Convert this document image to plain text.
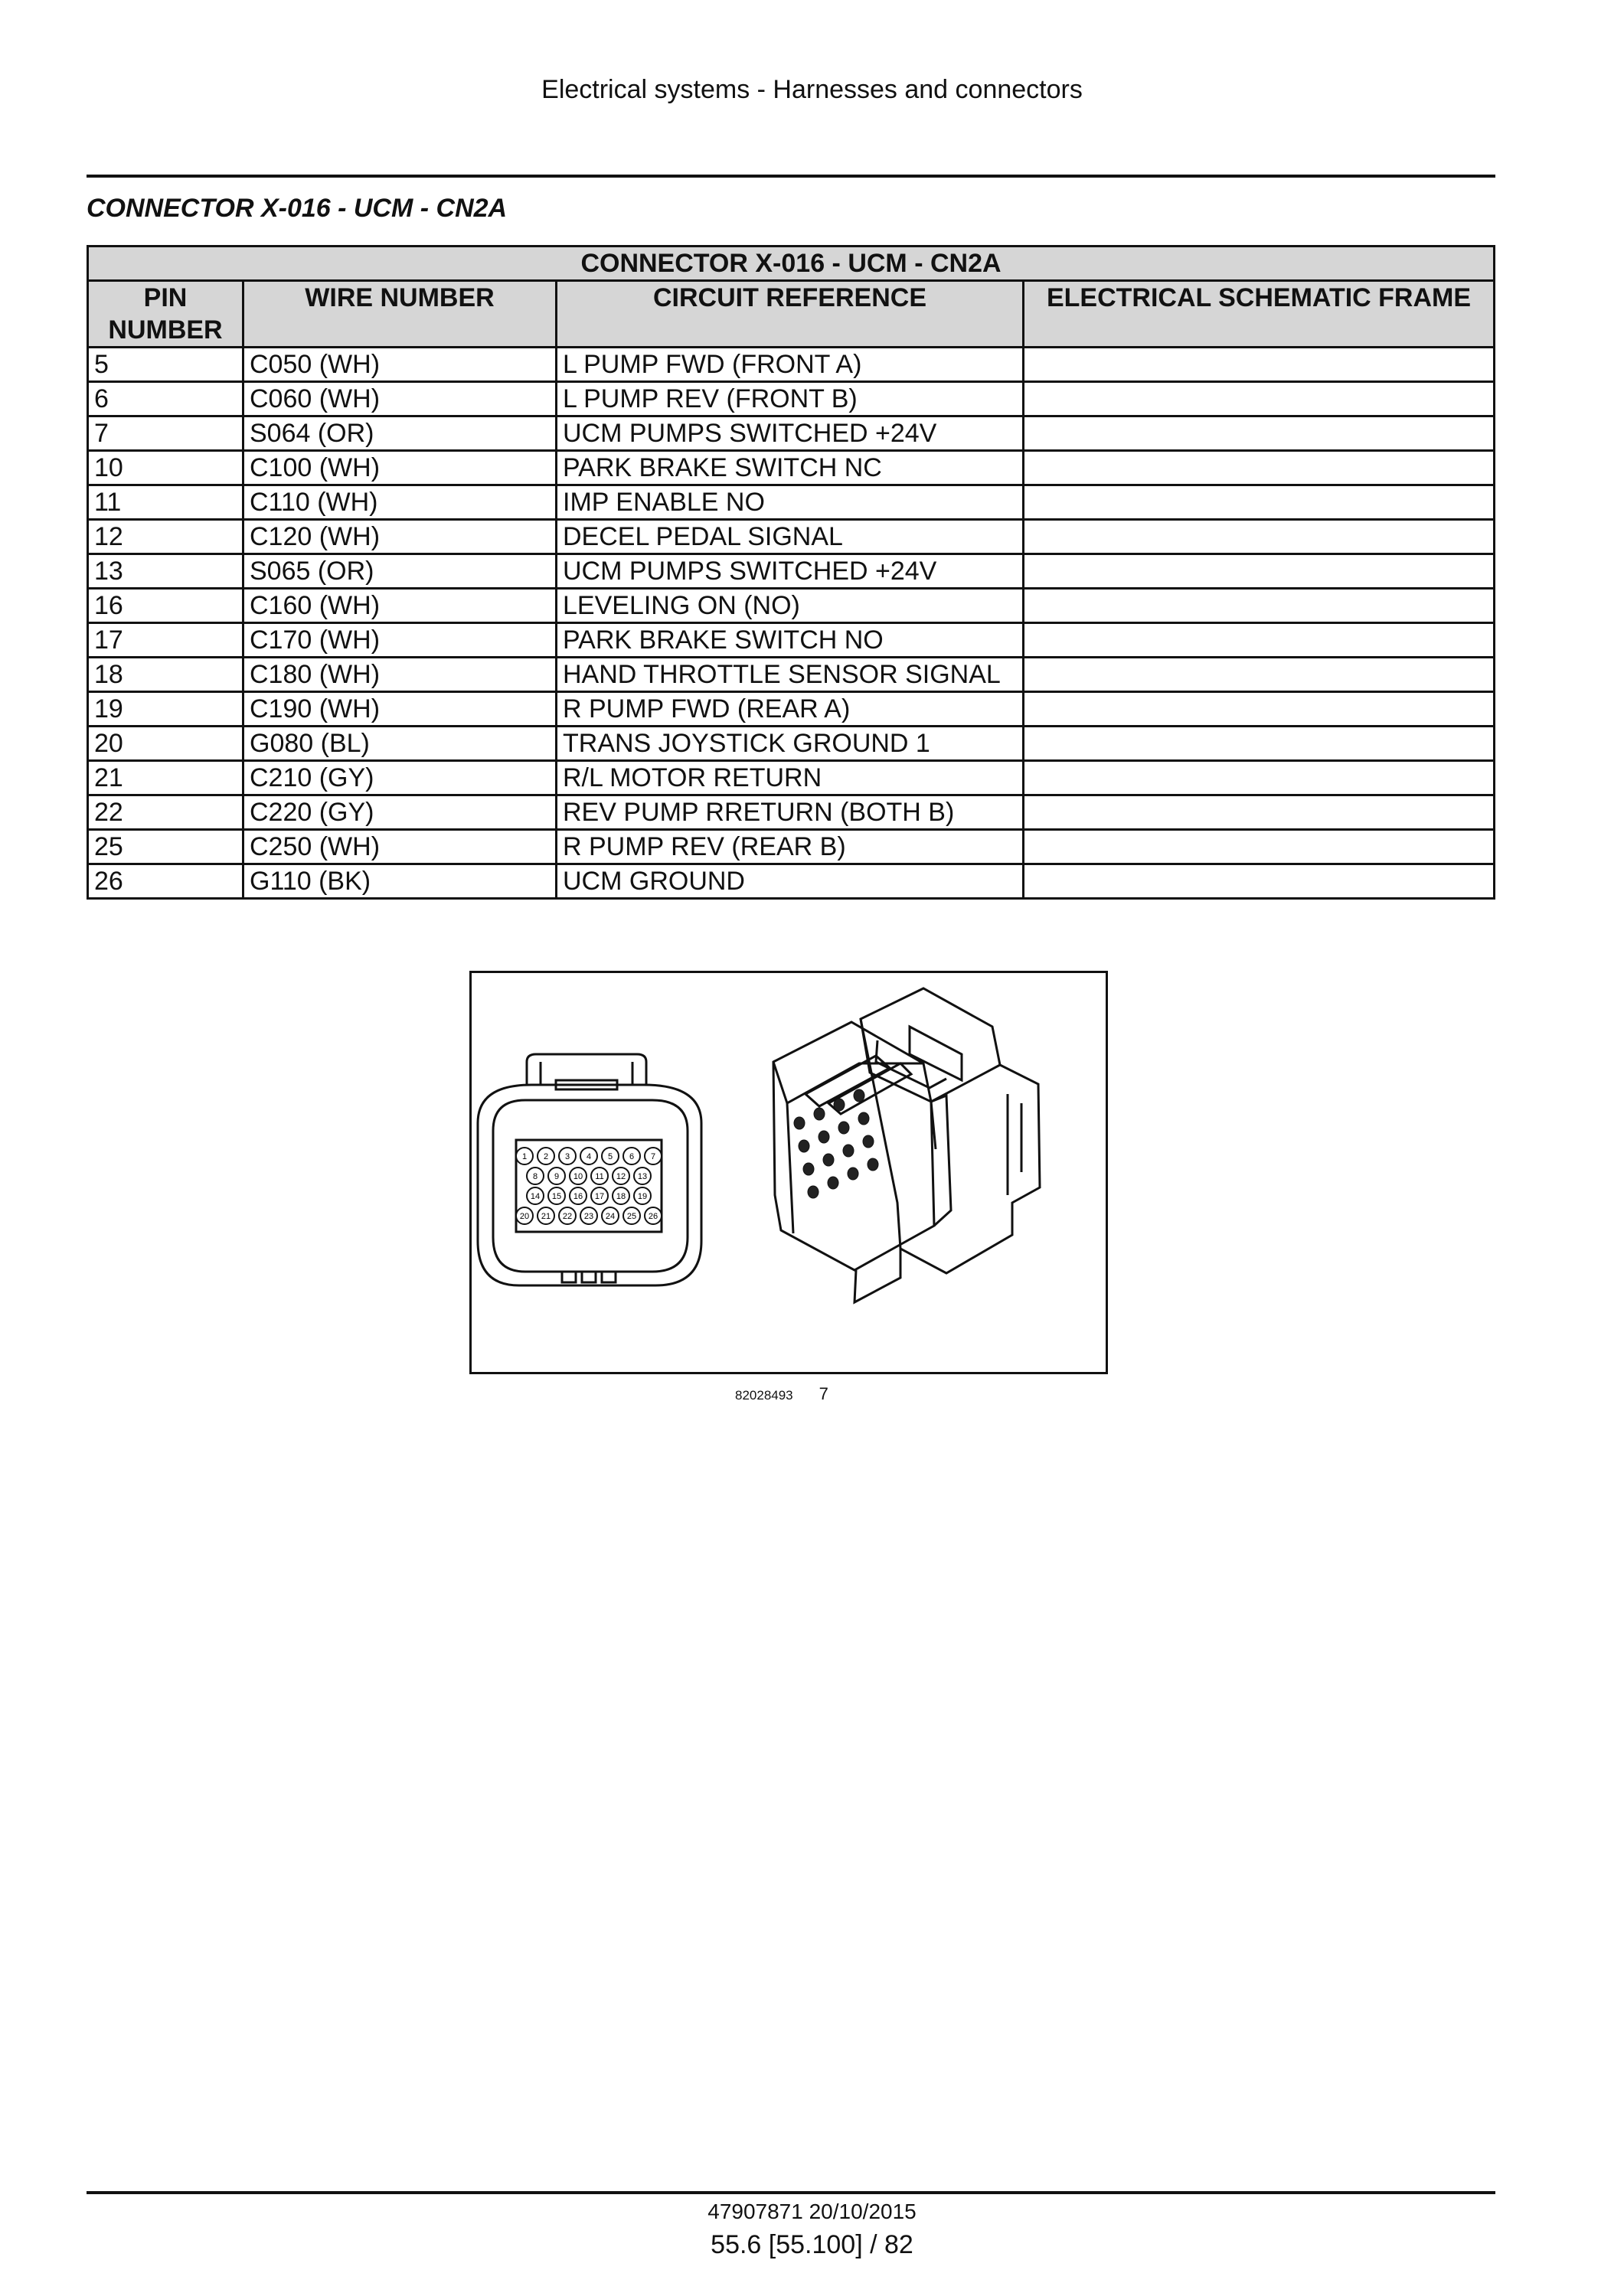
Electrical systems - Harnesses and connectors
CONNECTOR X-016 - UCM - CN2A
CONNECTOR X-016 - UCM - CN2A			
PIN NUMBER	WIRE NUMBER	CIRCUIT REFERENCE	ELECTRICAL SCHEMATIC FRAME
5	C050 (WH)	L PUMP FWD (FRONT A)	
6	C060 (WH)	L PUMP REV (FRONT B)	
7	S064 (OR)	UCM PUMPS SWITCHED +24V	
10	C100 (WH)	PARK BRAKE SWITCH NC	
11	C110 (WH)	IMP ENABLE NO	
12	C120 (WH)	DECEL PEDAL SIGNAL	
13	S065 (OR)	UCM PUMPS SWITCHED +24V	
16	C160 (WH)	LEVELING ON (NO)	
17	C170 (WH)	PARK BRAKE SWITCH NO	
18	C180 (WH)	HAND THROTTLE SENSOR SIGNAL	
19	C190 (WH)	R PUMP FWD (REAR A)	
20	G080 (BL)	TRANS JOYSTICK GROUND 1	
21	C210 (GY)	R/L MOTOR RETURN	
22	C220 (GY)	REV PUMP RRETURN (BOTH B)	
25	C250 (WH)	R PUMP REV (REAR B)	
26	G110 (BK)	UCM GROUND	
1 2 3 4 5 6 7
8 9 10 11 12 13
14 15 16 17 18 19
20 21 22 23 24 25 26
82028493 7
47907871 20/10/2015
55.6 [55.100] / 82
